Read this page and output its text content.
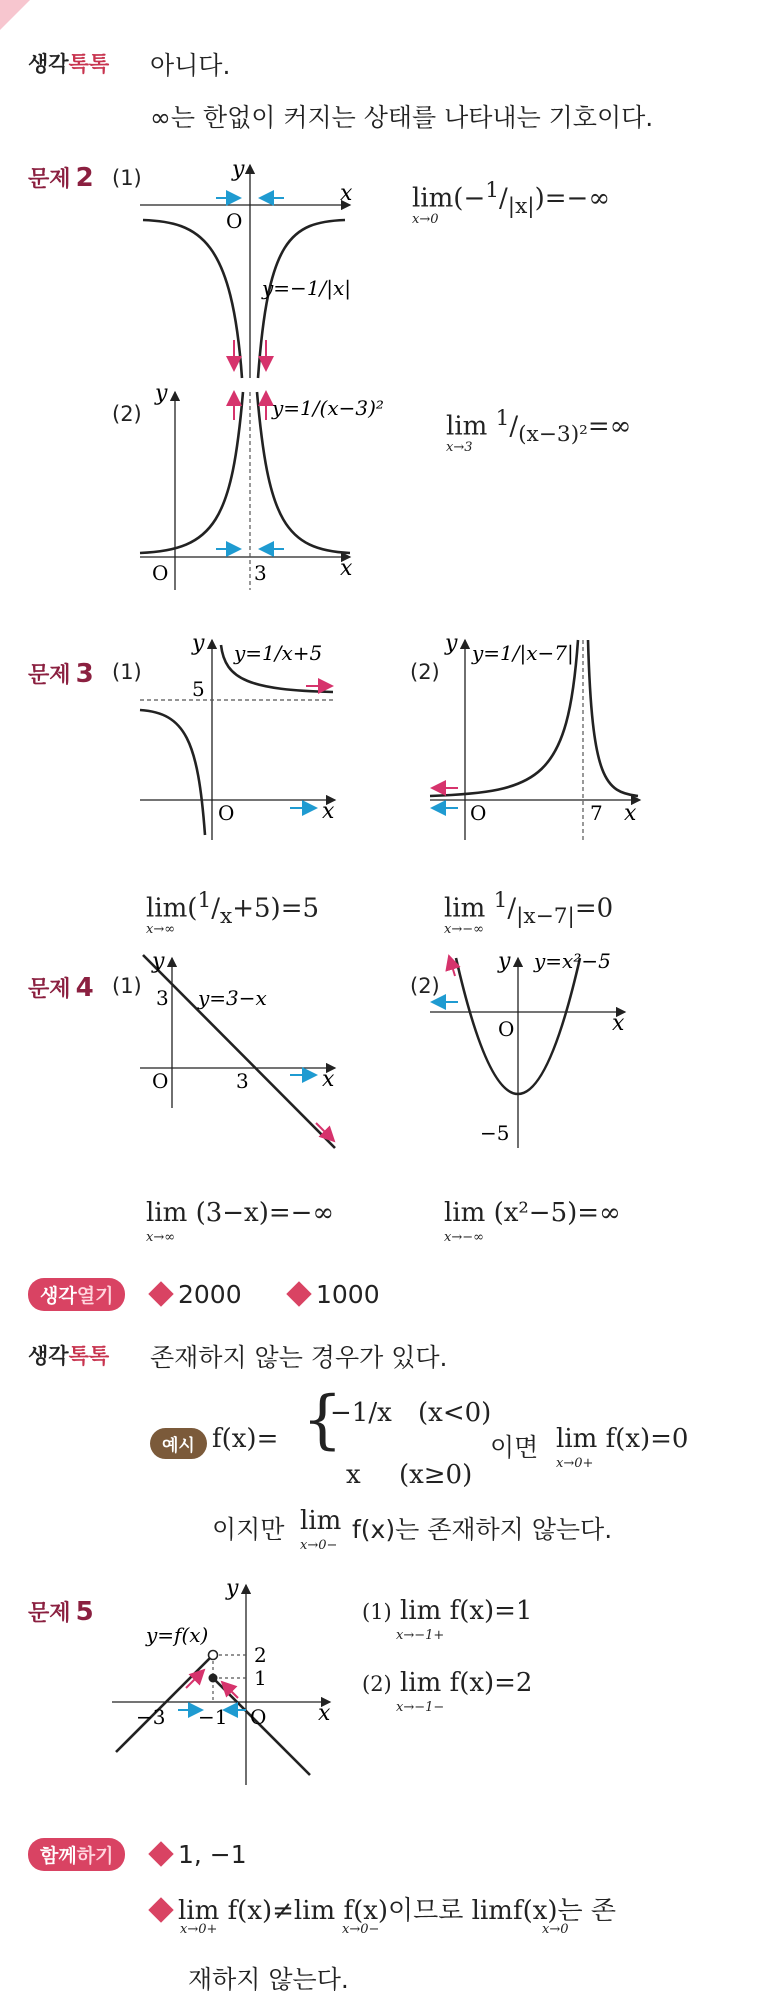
생각톡톡 아니다.
∞는 한없이 커지는 상태를 나타내는 기호이다.
문제 2 (1)
x
y
O
y=−1/|x|
x
y
O	3
y=1/(x−3)²
x
y
O
5
y=1/x+5
x
y
O	7
y=1/|x−7|
x
y
O
3
3
y=3−x
x
y
O
−5
y=x²−5
x
y
O
2
1
−3 −1
y=f(x)
$\lim(-^1/_{|x|})=-\infty$
x→0
(2)	$\lim ^1/_{(x-3)^2}=\infty$
x→3
문제 3 (1)	(2)
$\lim(^1/_x+5)=5$
x→∞
$\lim ^1/_{|x-7|}=0$
x→−∞
문제 4 (1)	(2)
lim (3−x)=−∞
x→∞
lim (x²−5)=∞
x→−∞
생각열기	2000	1000
생각톡톡 존재하지 않는 경우가 있다.
예시 f(x)= {
−1/x (x<0)
x (x≥0)
이면 lim f(x)=0
x→0+
이지만 lim
x→0−
f(x)는 존재하지 않는다.
문제 5	(1) lim f(x)=1
x→−1+
(2) lim f(x)=2
x→−1−
함께하기	1, −1
lim f(x)≠lim f(x)이므로 limf(x)는 존
x→0+	x→0−	x→0
재하지 않는다.
